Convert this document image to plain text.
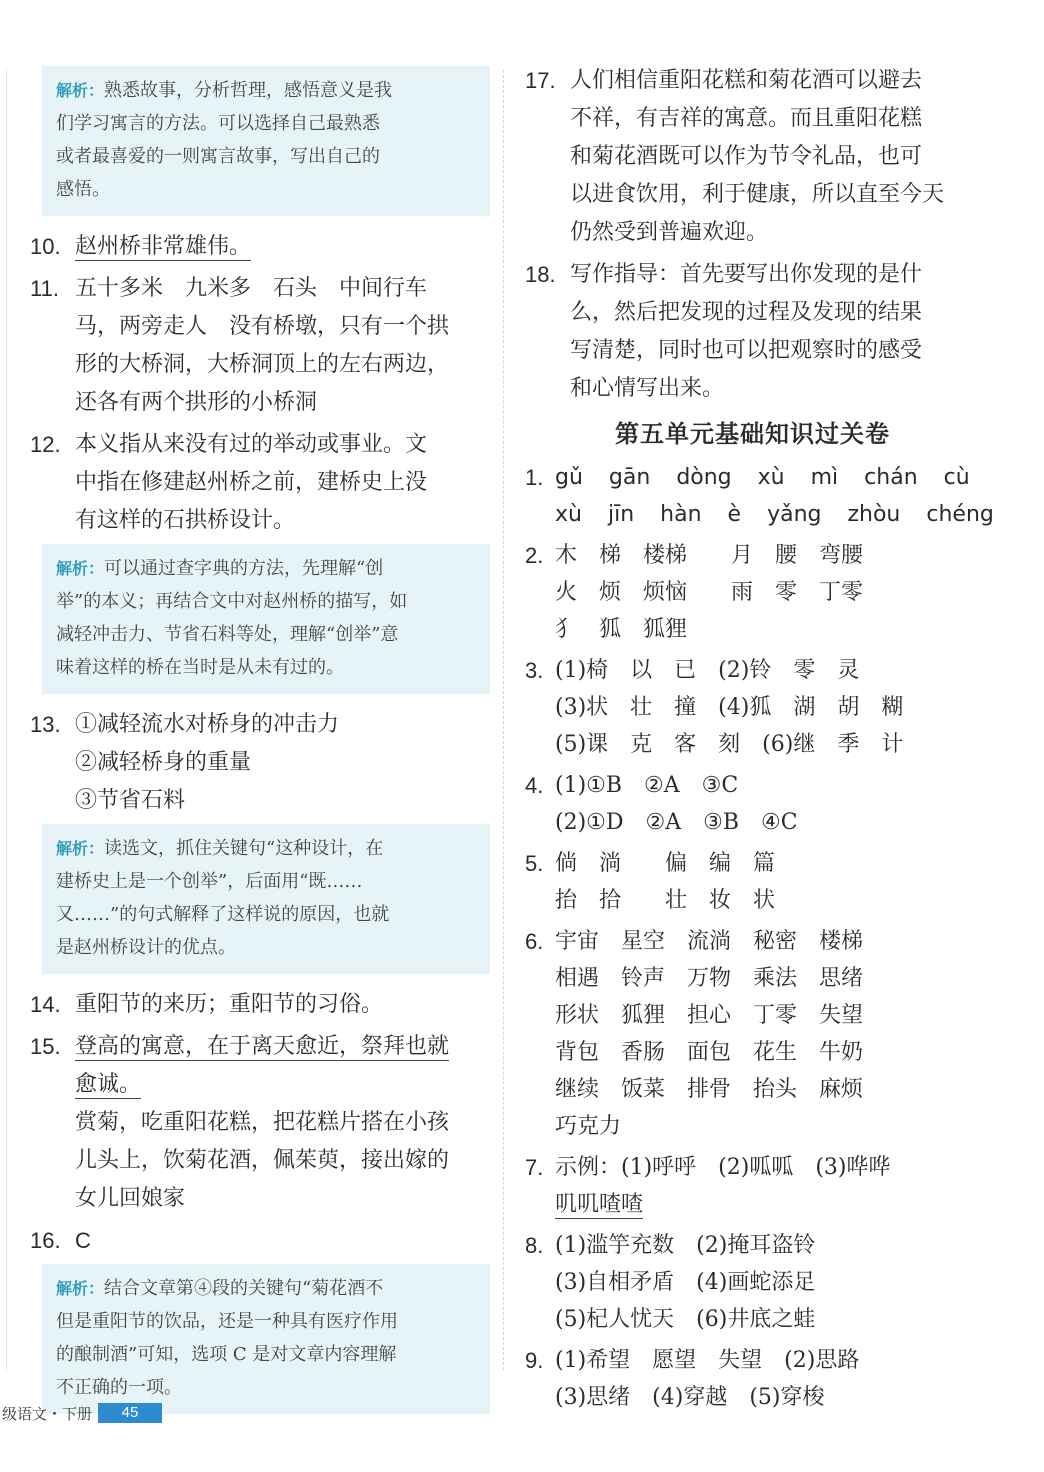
解析：熟悉故事，分析哲理，感悟意义是我
们学习寓言的方法。可以选择自己最熟悉
或者最喜爱的一则寓言故事，写出自己的
感悟。
10. 赵州桥非常雄伟。
11. 五十多米　九米多　石头　中间行车
马，两旁走人　没有桥墩，只有一个拱
形的大桥洞，大桥洞顶上的左右两边，
还各有两个拱形的小桥洞
12. 本义指从来没有过的举动或事业。文
中指在修建赵州桥之前，建桥史上没
有这样的石拱桥设计。
解析：可以通过查字典的方法，先理解“创
举”的本义；再结合文中对赵州桥的描写，如
减轻冲击力、节省石料等处，理解“创举”意
味着这样的桥在当时是从未有过的。
13. ①减轻流水对桥身的冲击力
②减轻桥身的重量
③节省石料
解析：读选文，抓住关键句“这种设计，在
建桥史上是一个创举”，后面用“既……
又……”的句式解释了这样说的原因，也就
是赵州桥设计的优点。
14. 重阳节的来历；重阳节的习俗。
15. 登高的寓意，在于离天愈近，祭拜也就
愈诚。
赏菊，吃重阳花糕，把花糕片搭在小孩
儿头上，饮菊花酒，佩茱萸，接出嫁的
女儿回娘家
16. C
解析：结合文章第④段的关键句“菊花酒不
但是重阳节的饮品，还是一种具有医疗作用
的酿制酒”可知，选项 C 是对文章内容理解
不正确的一项。
17. 人们相信重阳花糕和菊花酒可以避去
不祥，有吉祥的寓意。而且重阳花糕
和菊花酒既可以作为节令礼品，也可
以进食饮用，利于健康，所以直至今天
仍然受到普遍欢迎。
18. 写作指导：首先要写出你发现的是什
么，然后把发现的过程及发现的结果
写清楚，同时也可以把观察时的感受
和心情写出来。
第五单元基础知识过关卷
1. gǔ gān dòng xù mì chán cù
xù jīn hàn è yǎng zhòu chéng
2. 木　梯　楼梯　　月　腰　弯腰
火　烦　烦恼　　雨　零　丁零
犭　狐　狐狸
3. (1)椅　以　已　(2)铃　零　灵
(3)状　壮　撞　(4)狐　湖　胡　糊
(5)课　克　客　刻　(6)继　季　计
4. (1)①B　②A　③C
(2)①D　②A　③B　④C
5. 倘　淌　　偏　编　篇
抬　拾　　壮　妆　状
6. 宇宙　星空　流淌　秘密　楼梯
相遇　铃声　万物　乘法　思绪
形状　狐狸　担心　丁零　失望
背包　香肠　面包　花生　牛奶
继续　饭菜　排骨　抬头　麻烦
巧克力
7. 示例：(1)呼呼　(2)呱呱　(3)哗哗
叽叽喳喳
8. (1)滥竽充数　(2)掩耳盗铃
(3)自相矛盾　(4)画蛇添足
(5)杞人忧天　(6)井底之蛙
9. (1)希望　愿望　失望　(2)思路
(3)思绪　(4)穿越　(5)穿梭
级语文・下册	45
